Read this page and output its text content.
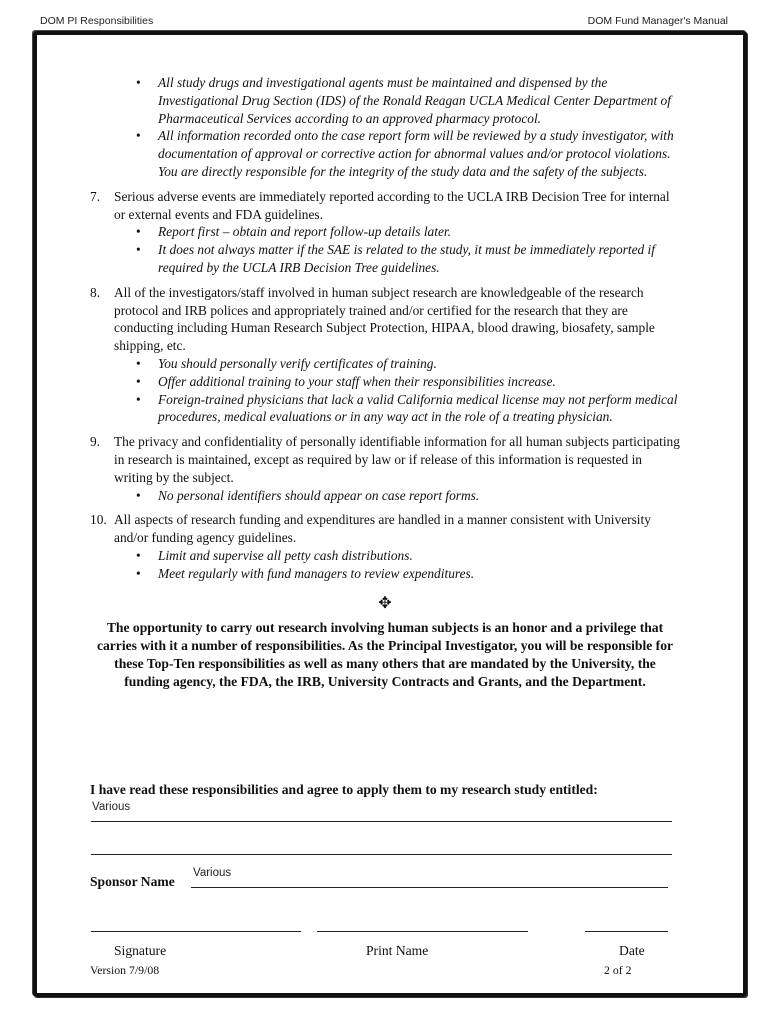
DOM PI Responsibilities	DOM Fund Manager's Manual
• All study drugs and investigational agents must be maintained and dispensed by the Investigational Drug Section (IDS) of the Ronald Reagan UCLA Medical Center Department of Pharmaceutical Services according to an approved pharmacy protocol.
• All information recorded onto the case report form will be reviewed by a study investigator, with documentation of approval or corrective action for abnormal values and/or protocol violations. You are directly responsible for the integrity of the study data and the safety of the subjects.
7. Serious adverse events are immediately reported according to the UCLA IRB Decision Tree for internal or external events and FDA guidelines.
• Report first – obtain and report follow-up details later.
• It does not always matter if the SAE is related to the study, it must be immediately reported if required by the UCLA IRB Decision Tree guidelines.
8. All of the investigators/staff involved in human subject research are knowledgeable of the research protocol and IRB polices and appropriately trained and/or certified for the research that they are conducting including Human Research Subject Protection, HIPAA, blood drawing, biosafety, sample shipping, etc.
• You should personally verify certificates of training.
• Offer additional training to your staff when their responsibilities increase.
• Foreign-trained physicians that lack a valid California medical license may not perform medical procedures, medical evaluations or in any way act in the role of a treating physician.
9. The privacy and confidentiality of personally identifiable information for all human subjects participating in research is maintained, except as required by law or if release of this information is requested in writing by the subject.
• No personal identifiers should appear on case report forms.
10. All aspects of research funding and expenditures are handled in a manner consistent with University and/or funding agency guidelines.
• Limit and supervise all petty cash distributions.
• Meet regularly with fund managers to review expenditures.
✥
The opportunity to carry out research involving human subjects is an honor and a privilege that carries with it a number of responsibilities. As the Principal Investigator, you will be responsible for these Top-Ten responsibilities as well as many others that are mandated by the University, the funding agency, the FDA, the IRB, University Contracts and Grants, and the Department.
I have read these responsibilities and agree to apply them to my research study entitled:
Various
Sponsor Name
Various
Signature	Print Name	Date
Version 7/9/08	2 of 2
